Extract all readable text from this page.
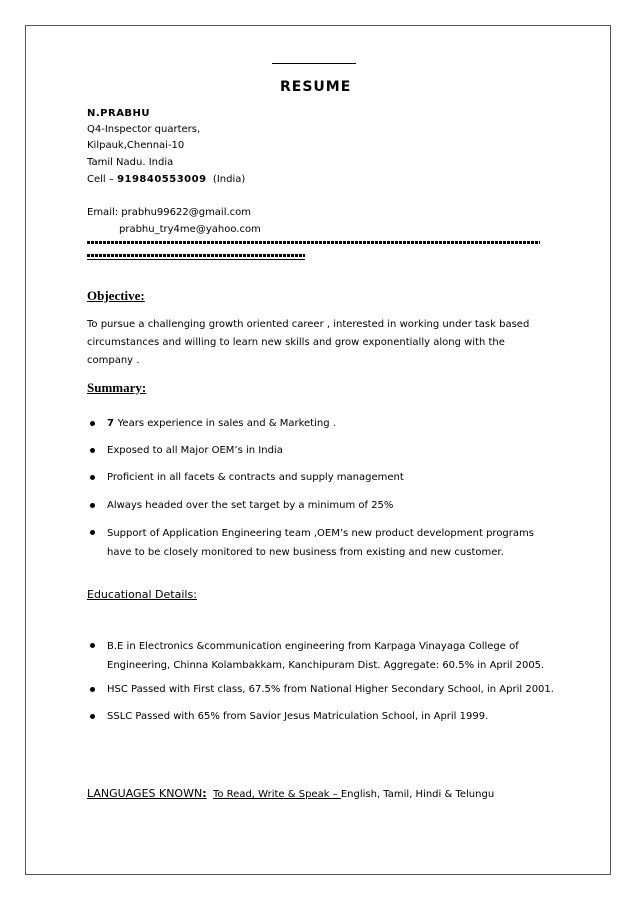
RESUME
N.PRABHU
Q4-Inspector quarters,
Kilpauk,Chennai-10
Tamil Nadu. India
Cell – 919840553009 (India)
Email: prabhu99622@gmail.com
prabhu_try4me@yahoo.com
Objective:
To pursue a challenging growth oriented career , interested in working under task based circumstances and willing to learn new skills and grow exponentially along with the company .
Summary:
7 Years experience in sales and & Marketing .
Exposed to all Major OEM’s in India
Proficient in all facets & contracts and supply management
Always headed over the set target by a minimum of 25%
Support of Application Engineering team ,OEM’s new product development programs have to be closely monitored to new business from existing and new customer.
Educational Details:
B.E in Electronics &communication engineering from Karpaga Vinayaga College of Engineering, Chinna Kolambakkam, Kanchipuram Dist. Aggregate: 60.5% in April 2005.
HSC Passed with First class, 67.5% from National Higher Secondary School, in April 2001.
SSLC Passed with 65% from Savior Jesus Matriculation School, in April 1999.
LANGUAGES KNOWN: To Read, Write & Speak – English, Tamil, Hindi & Telungu
